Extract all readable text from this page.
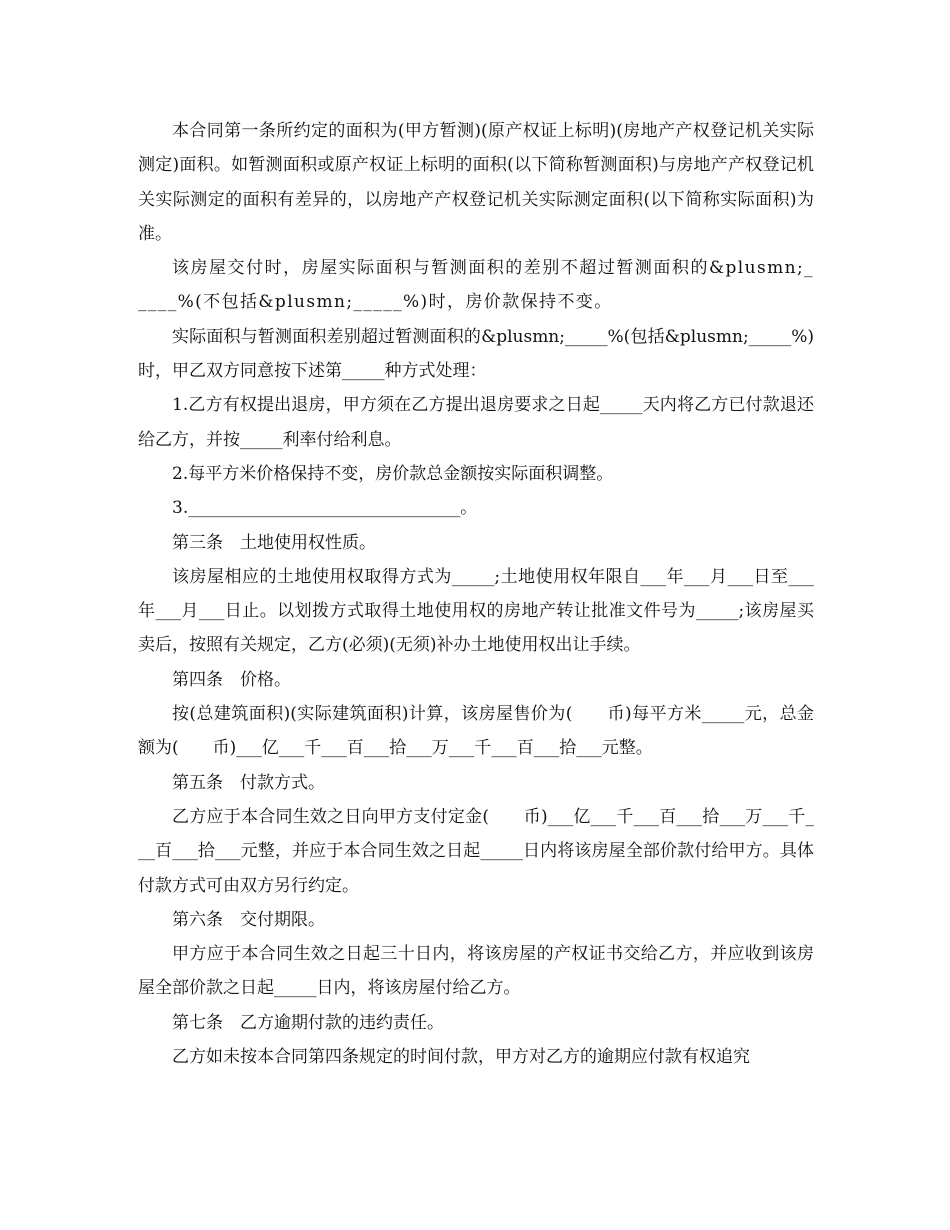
本合同第一条所约定的面积为(甲方暂测)(原产权证上标明)(房地产产权登记机关实际测定)面积。如暂测面积或原产权证上标明的面积(以下简称暂测面积)与房地产产权登记机关实际测定的面积有差异的，以房地产产权登记机关实际测定面积(以下简称实际面积)为准。

该房屋交付时，房屋实际面积与暂测面积的差别不超过暂测面积的&plusmn;_____%(不包括&plusmn;_____%)时，房价款保持不变。

实际面积与暂测面积差别超过暂测面积的&plusmn;_____%(包括&plusmn;_____%)时，甲乙双方同意按下述第_____种方式处理：

1.乙方有权提出退房，甲方须在乙方提出退房要求之日起_____天内将乙方已付款退还给乙方，并按_____利率付给利息。

2.每平方米价格保持不变，房价款总金额按实际面积调整。

3.________________________________。

第三条　土地使用权性质。

该房屋相应的土地使用权取得方式为_____;土地使用权年限自___年___月___日至___年___月___日止。以划拨方式取得土地使用权的房地产转让批准文件号为_____;该房屋买卖后，按照有关规定，乙方(必须)(无须)补办土地使用权出让手续。

第四条　价格。

按(总建筑面积)(实际建筑面积)计算，该房屋售价为(　　币)每平方米_____元，总金额为(　　币)___亿___千___百___拾___万___千___百___拾___元整。

第五条　付款方式。

乙方应于本合同生效之日向甲方支付定金(　　币)___亿___千___百___拾___万___千___百___拾___元整，并应于本合同生效之日起_____日内将该房屋全部价款付给甲方。具体付款方式可由双方另行约定。

第六条　交付期限。

甲方应于本合同生效之日起三十日内，将该房屋的产权证书交给乙方，并应收到该房屋全部价款之日起_____日内，将该房屋付给乙方。

第七条　乙方逾期付款的违约责任。

乙方如未按本合同第四条规定的时间付款，甲方对乙方的逾期应付款有权追究
